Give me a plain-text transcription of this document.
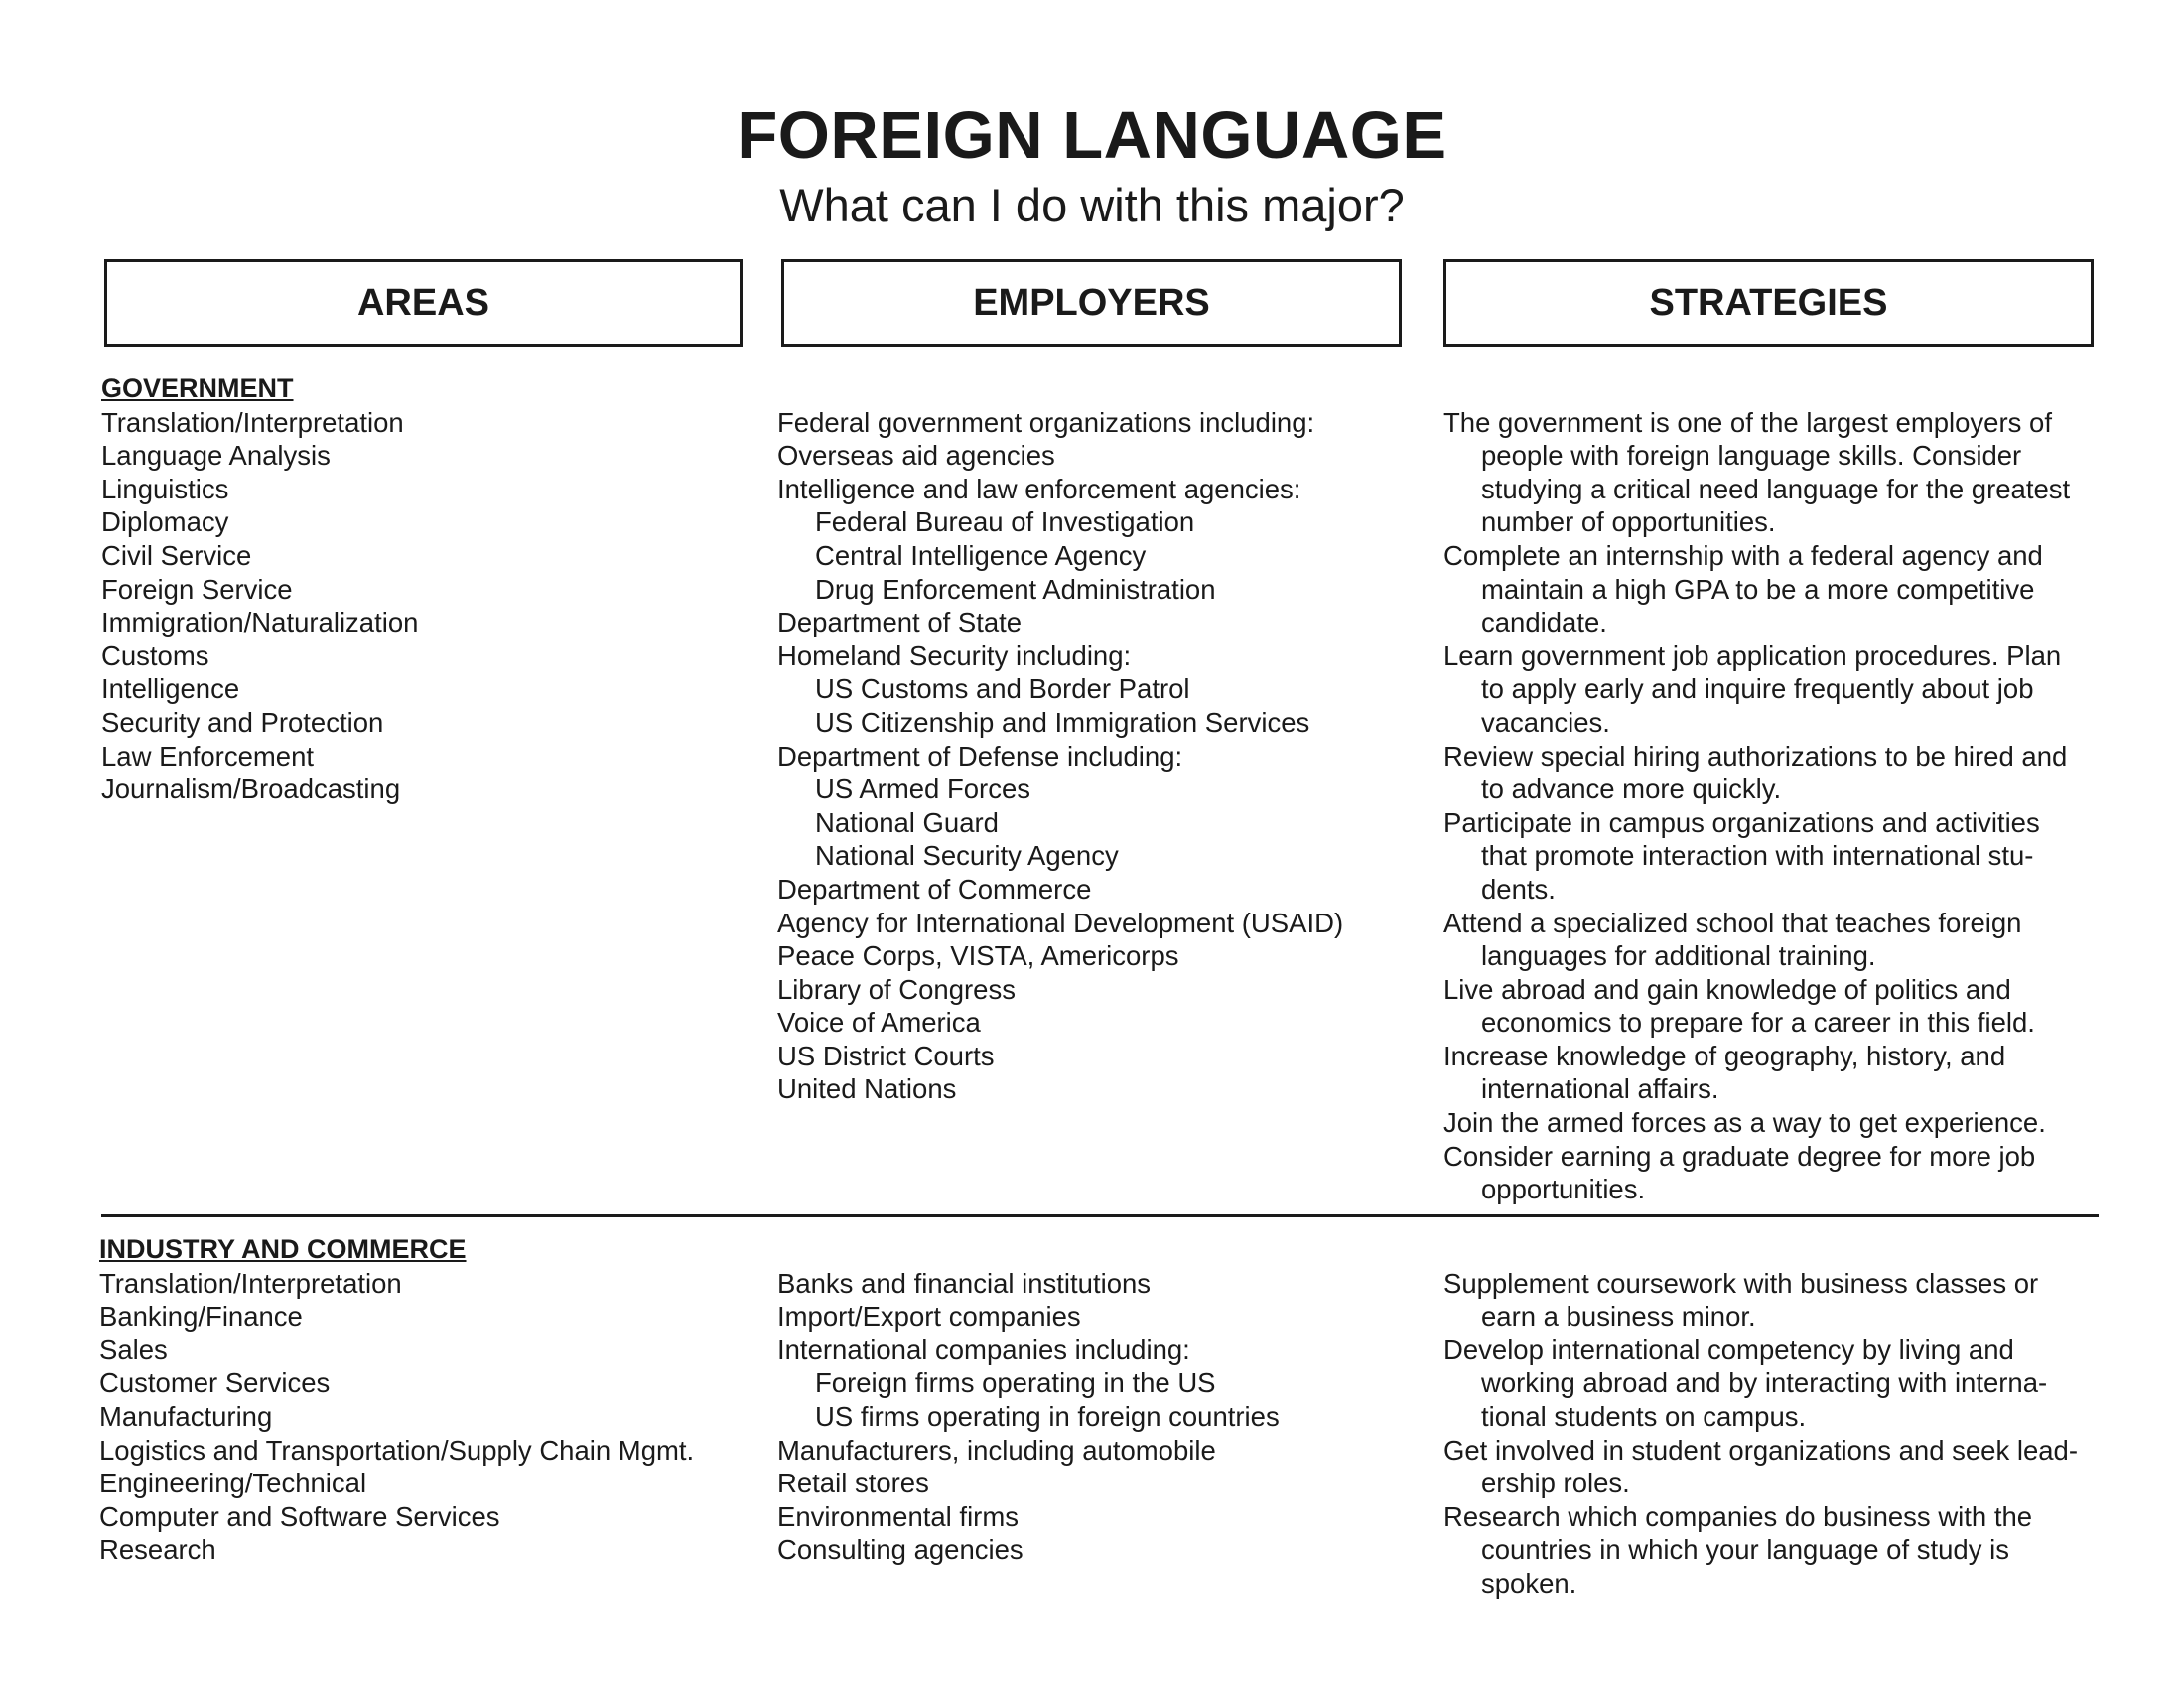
FOREIGN LANGUAGE
What can I do with this major?
AREAS	EMPLOYERS	STRATEGIES
GOVERNMENT
Translation/Interpretation
Language Analysis
Linguistics
Diplomacy
Civil Service
Foreign Service
Immigration/Naturalization
Customs
Intelligence
Security and Protection
Law Enforcement
Journalism/Broadcasting
Federal government organizations including:
Overseas aid agencies
Intelligence and law enforcement agencies:
Federal Bureau of Investigation
Central Intelligence Agency
Drug Enforcement Administration
Department of State
Homeland Security including:
US Customs and Border Patrol
US Citizenship and Immigration Services
Department of Defense including:
US Armed Forces
National Guard
National Security Agency
Department of Commerce
Agency for International Development (USAID)
Peace Corps, VISTA, Americorps
Library of Congress
Voice of America
US District Courts
United Nations
The government is one of the largest employers of
people with foreign language skills. Consider
studying a critical need language for the greatest
number of opportunities.
Complete an internship with a federal agency and
maintain a high GPA to be a more competitive
candidate.
Learn government job application procedures. Plan
to apply early and inquire frequently about job
vacancies.
Review special hiring authorizations to be hired and
to advance more quickly.
Participate in campus organizations and activities
that promote interaction with international stu-
dents.
Attend a specialized school that teaches foreign
languages for additional training.
Live abroad and gain knowledge of politics and
economics to prepare for a career in this field.
Increase knowledge of geography, history, and
international affairs.
Join the armed forces as a way to get experience.
Consider earning a graduate degree for more job
opportunities.
INDUSTRY AND COMMERCE
Translation/Interpretation
Banking/Finance
Sales
Customer Services
Manufacturing
Logistics and Transportation/Supply Chain Mgmt.
Engineering/Technical
Computer and Software Services
Research
Banks and financial institutions
Import/Export companies
International companies including:
Foreign firms operating in the US
US firms operating in foreign countries
Manufacturers, including automobile
Retail stores
Environmental firms
Consulting agencies
Supplement coursework with business classes or
earn a business minor.
Develop international competency by living and
working abroad and by interacting with interna-
tional students on campus.
Get involved in student organizations and seek lead-
ership roles.
Research which companies do business with the
countries in which your language of study is
spoken.
